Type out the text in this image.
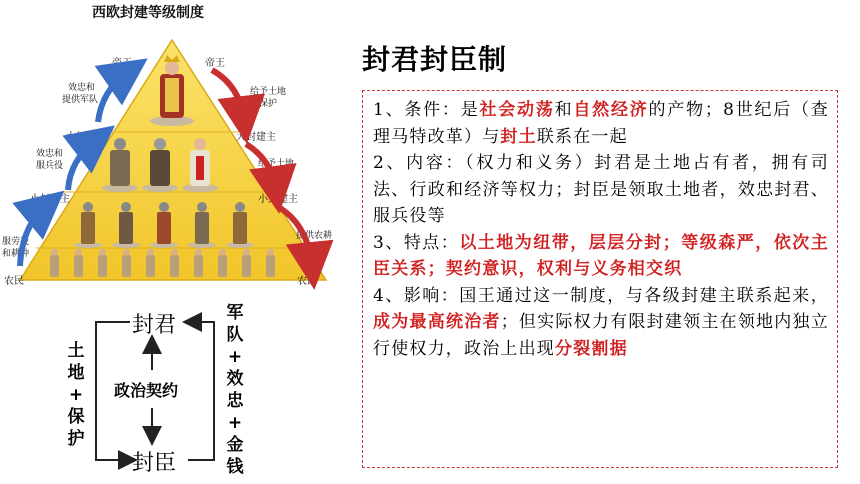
西欧封建等级制度
帝王
大封建主
小封建主
农民
帝王
大封建主
小封建主
农民
效忠和
提供军队
效忠和
服兵役
服劳役
和耕种
给予土地
和保护
给予土地
和保护
提供农耕
土地
封君
封臣
政治契约
土
地
+
保
护
军
队
+
效
忠
+
金
钱
封君封臣制

1、条件：是社会动荡和自然经济的产物；8世纪后（查理马特改革）与封土联系在一起

2、内容：（权力和义务）封君是土地占有者，拥有司法、行政和经济等权力；封臣是领取土地者，效忠封君、服兵役等

3、特点：以土地为纽带，层层分封；等级森严，依次主臣关系；契约意识，权利与义务相交织

4、影响：国王通过这一制度，与各级封建主联系起来，成为最高统治者；但实际权力有限封建领主在领地内独立行使权力，政治上出现分裂割据
